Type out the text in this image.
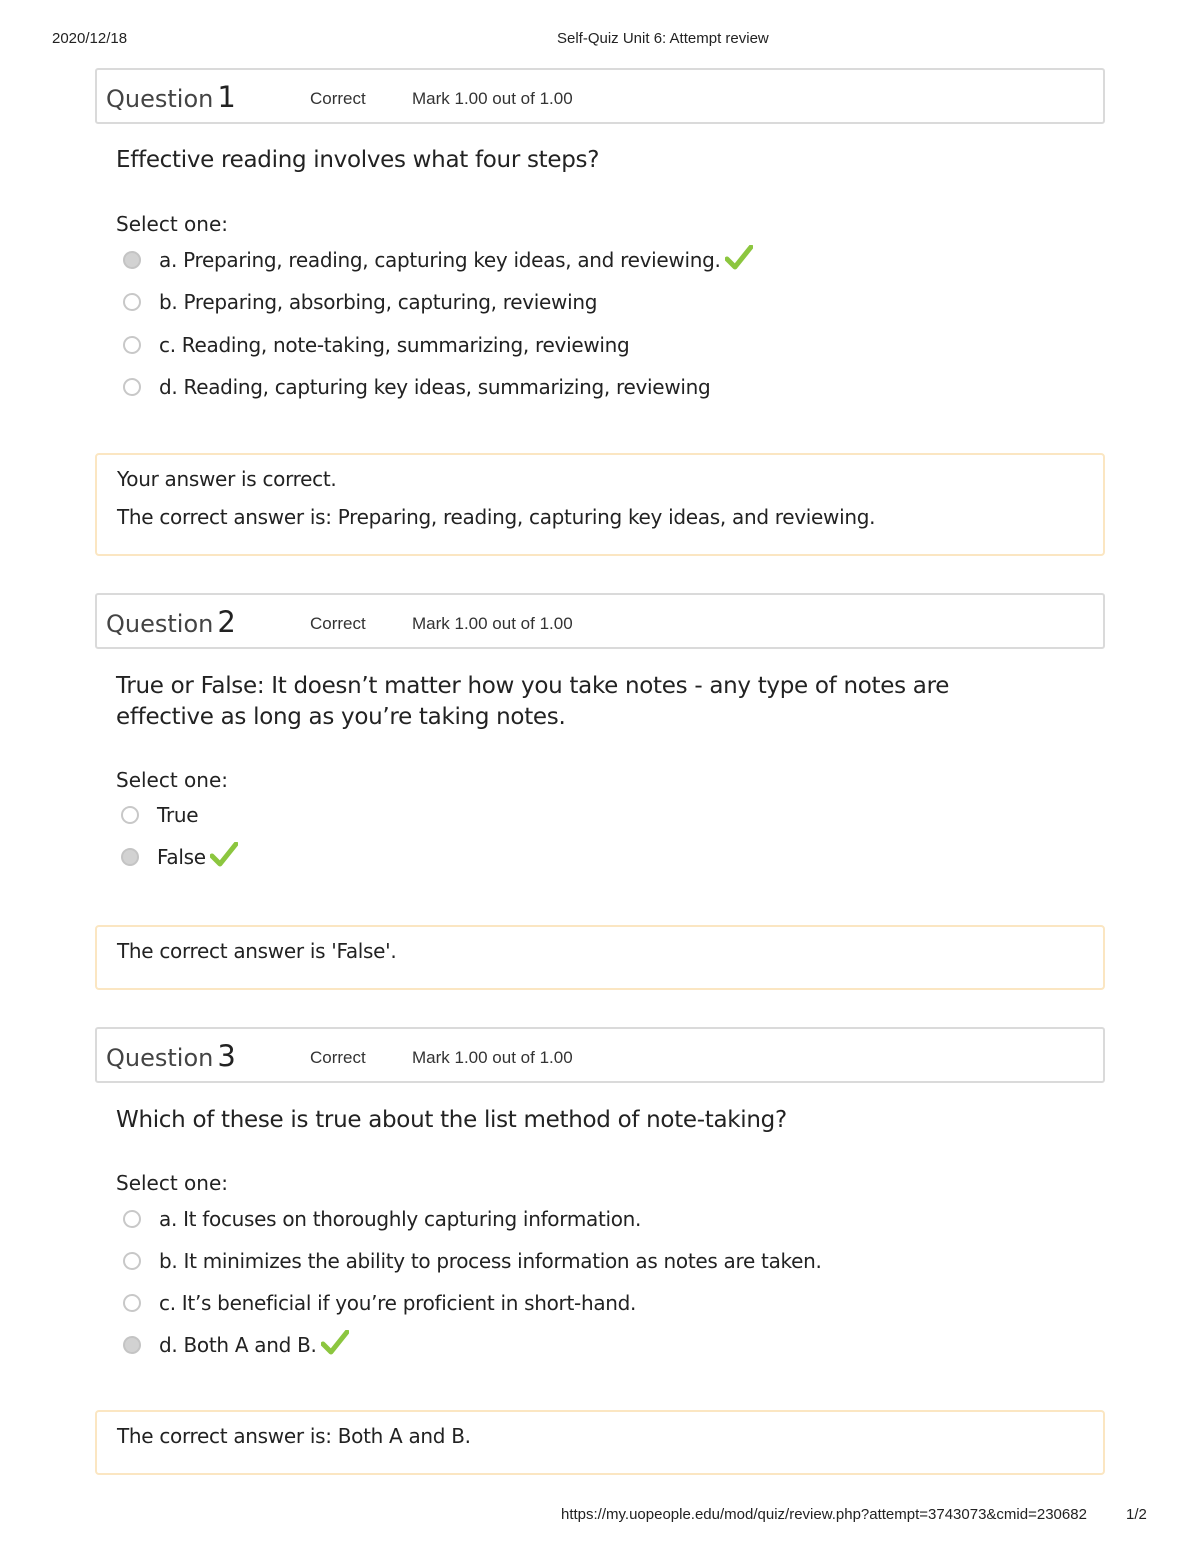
2020/12/18	Self-Quiz Unit 6: Attempt review
Question 1	Correct	Mark 1.00 out of 1.00
Effective reading involves what four steps?
Select one:
a. Preparing, reading, capturing key ideas, and reviewing.
b. Preparing, absorbing, capturing, reviewing
c. Reading, note-taking, summarizing, reviewing
d. Reading, capturing key ideas, summarizing, reviewing

Your answer is correct.

The correct answer is: Preparing, reading, capturing key ideas, and reviewing.

Question 2	Correct	Mark 1.00 out of 1.00
True or False: It doesn’t matter how you take notes - any type of notes are effective as long as you’re taking notes.
Select one:
True
False

The correct answer is 'False'.

Question 3	Correct	Mark 1.00 out of 1.00
Which of these is true about the list method of note-taking?
Select one:
a. It focuses on thoroughly capturing information.
b. It minimizes the ability to process information as notes are taken.
c. It’s beneficial if you’re proficient in short-hand.
d. Both A and B.

The correct answer is: Both A and B.

https://my.uopeople.edu/mod/quiz/review.php?attempt=3743073&cmid=230682	1/2
